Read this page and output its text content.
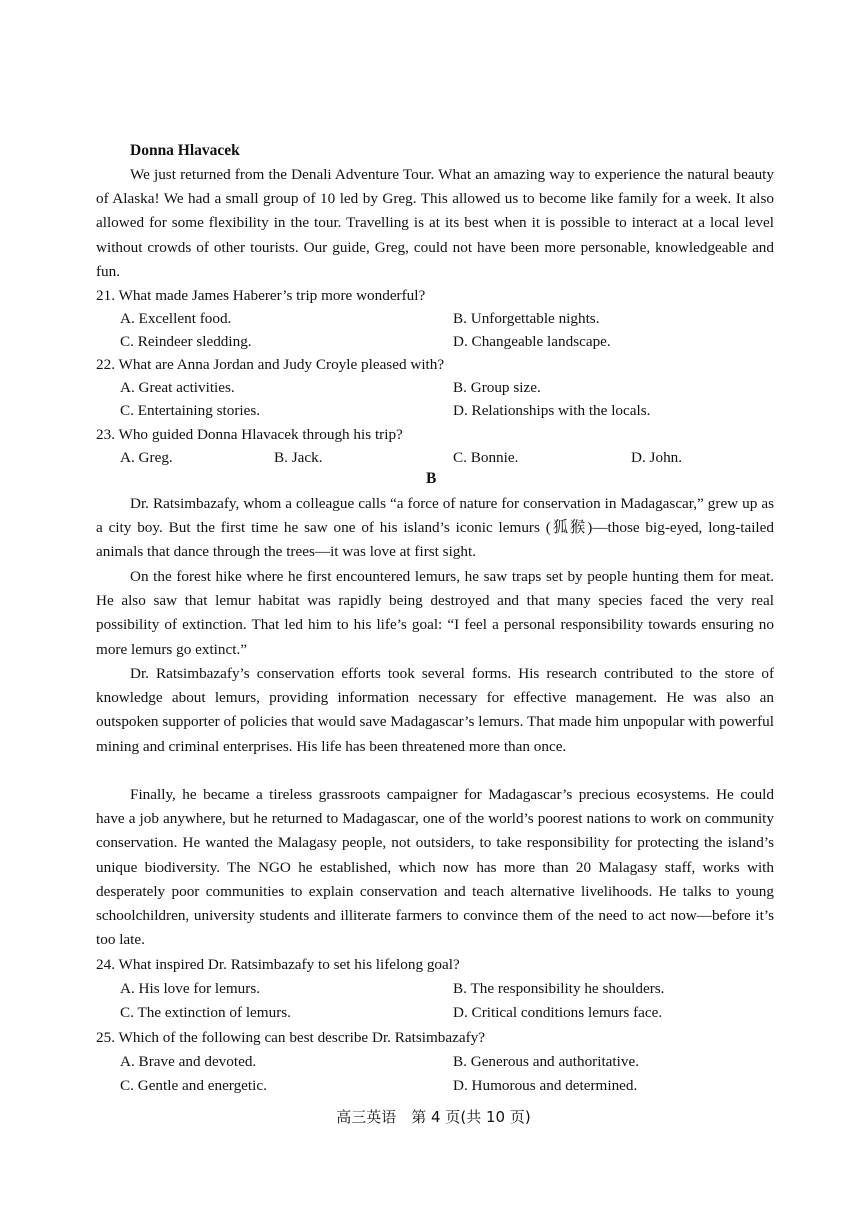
Donna Hlavacek

We just returned from the Denali Adventure Tour. What an amazing way to experience the natural beauty of Alaska! We had a small group of 10 led by Greg. This allowed us to become like family for a week. It also allowed for some flexibility in the tour. Travelling is at its best when it is possible to interact at a local level without crowds of other tourists. Our guide, Greg, could not have been more personable, knowledgeable and fun.

21. What made James Haberer’s trip more wonderful?

A. Excellent food.	B. Unforgettable nights.

C. Reindeer sledding.	D. Changeable landscape.

22. What are Anna Jordan and Judy Croyle pleased with?

A. Great activities.	B. Group size.

C. Entertaining stories.	D. Relationships with the locals.

23. Who guided Donna Hlavacek through his trip?

A. Greg.	B. Jack.	C. Bonnie.	D. John.

B

Dr. Ratsimbazafy, whom a colleague calls “a force of nature for conservation in Madagascar,” grew up as a city boy. But the first time he saw one of his island’s iconic lemurs (狐猴)—those big-eyed, long-tailed animals that dance through the trees—it was love at first sight.

On the forest hike where he first encountered lemurs, he saw traps set by people hunting them for meat. He also saw that lemur habitat was rapidly being destroyed and that many species faced the very real possibility of extinction. That led him to his life’s goal: “I feel a personal responsibility towards ensuring no more lemurs go extinct.”

Dr. Ratsimbazafy’s conservation efforts took several forms. His research contributed to the store of knowledge about lemurs, providing information necessary for effective management. He was also an outspoken supporter of policies that would save Madagascar’s lemurs. That made him unpopular with powerful mining and criminal enterprises. His life has been threatened more than once.

Finally, he became a tireless grassroots campaigner for Madagascar’s precious ecosystems. He could have a job anywhere, but he returned to Madagascar, one of the world’s poorest nations to work on community conservation. He wanted the Malagasy people, not outsiders, to take responsibility for protecting the island’s unique biodiversity. The NGO he established, which now has more than 20 Malagasy staff, works with desperately poor communities to explain conservation and teach alternative livelihoods. He talks to young schoolchildren, university students and illiterate farmers to convince them of the need to act now—before it’s too late.

24. What inspired Dr. Ratsimbazafy to set his lifelong goal?

A. His love for lemurs.	B. The responsibility he shoulders.

C. The extinction of lemurs.	D. Critical conditions lemurs face.

25. Which of the following can best describe Dr. Ratsimbazafy?

A. Brave and devoted.	B. Generous and authoritative.

C. Gentle and energetic.	D. Humorous and determined.

高三英语　第 4 页(共 10 页)
